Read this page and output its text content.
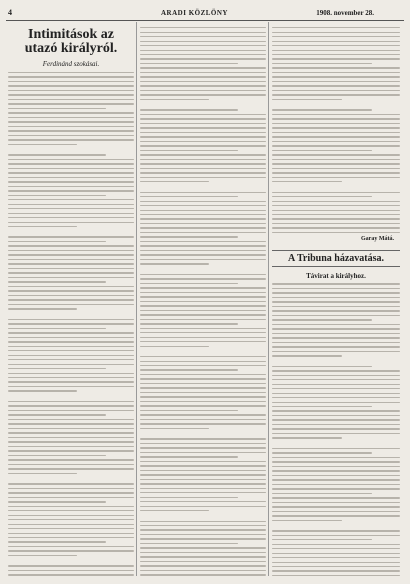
4	ARADI KÖZLÖNY	1908. november 28.
Intimitások az
utazó királyról.
Ferdinánd szokásai.
Garay Mátá.
A Tribuna házavatása.
Távirat a királyhoz.
